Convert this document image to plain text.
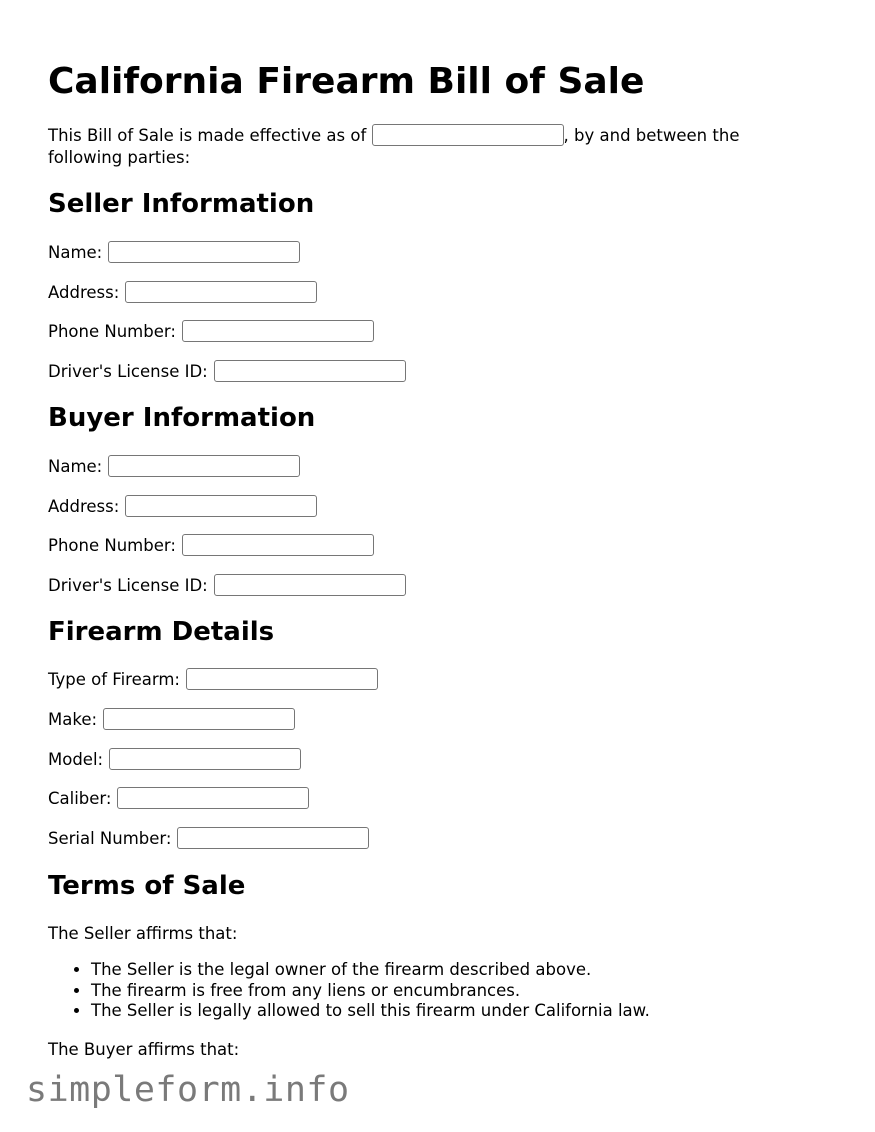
California Firearm Bill of Sale
This Bill of Sale is made effective as of	, by and between the following parties:
Seller Information
Name:
Address:
Phone Number:
Driver's License ID:
Buyer Information
Name:
Address:
Phone Number:
Driver's License ID:
Firearm Details
Type of Firearm:
Make:
Model:
Caliber:
Serial Number:
Terms of Sale
The Seller affirms that:
• The Seller is the legal owner of the firearm described above.
• The firearm is free from any liens or encumbrances.
• The Seller is legally allowed to sell this firearm under California law.
The Buyer affirms that:
simpleform.info
